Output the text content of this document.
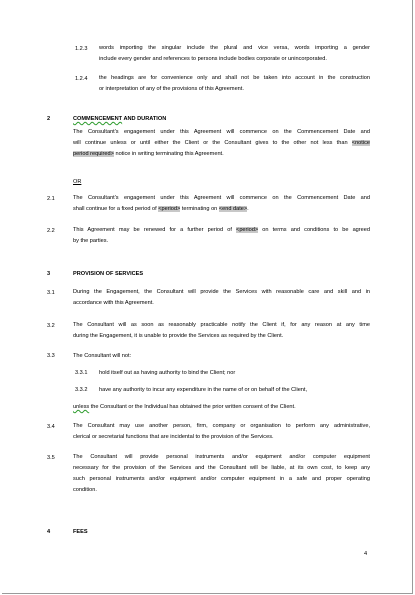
1.2.3 words importing the singular include the plural and vice versa, words importing a gender
include every gender and references to persons include bodies corporate or unincorporated.
1.2.4 the headings are for convenience only and shall not be taken into account in the construction
or interpretation of any of the provisions of this Agreement.
2	COMMENCEMENT AND DURATION
The Consultant's engagement under this Agreement will commence on the Commencement Date and
will continue unless or until either the Client or the Consultant gives to the other not less than <notice
period required> notice in writing terminating this Agreement.
OR
2.1	The Consultant's engagement under this Agreement will commence on the Commencement Date and
shall continue for a fixed period of <period> terminating on <end date>.
2.2	This Agreement may be renewed for a further period of <period> on terms and conditions to be agreed
by the parties.
3	PROVISION OF SERVICES
3.1	During the Engagement, the Consultant will provide the Services with reasonable care and skill and in
accordance with this Agreement.
3.2	The Consultant will as soon as reasonably practicable notify the Client if, for any reason at any time
during the Engagement, it is unable to provide the Services as required by the Client.
3.3	The Consultant will not:
3.3.1 hold itself out as having authority to bind the Client; nor
3.3.2 have any authority to incur any expenditure in the name of or on behalf of the Client,
unless the Consultant or the Individual has obtained the prior written consent of the Client.
3.4	The Consultant may use another person, firm, company or organisation to perform any administrative,
clerical or secretarial functions that are incidental to the provision of the Services.
3.5	The Consultant will provide personal instruments and/or equipment and/or computer equipment
necessary for the provision of the Services and the Consultant will be liable, at its own cost, to keep any
such personal instruments and/or equipment and/or computer equipment in a safe and proper operating
condition.
4	FEES
4
